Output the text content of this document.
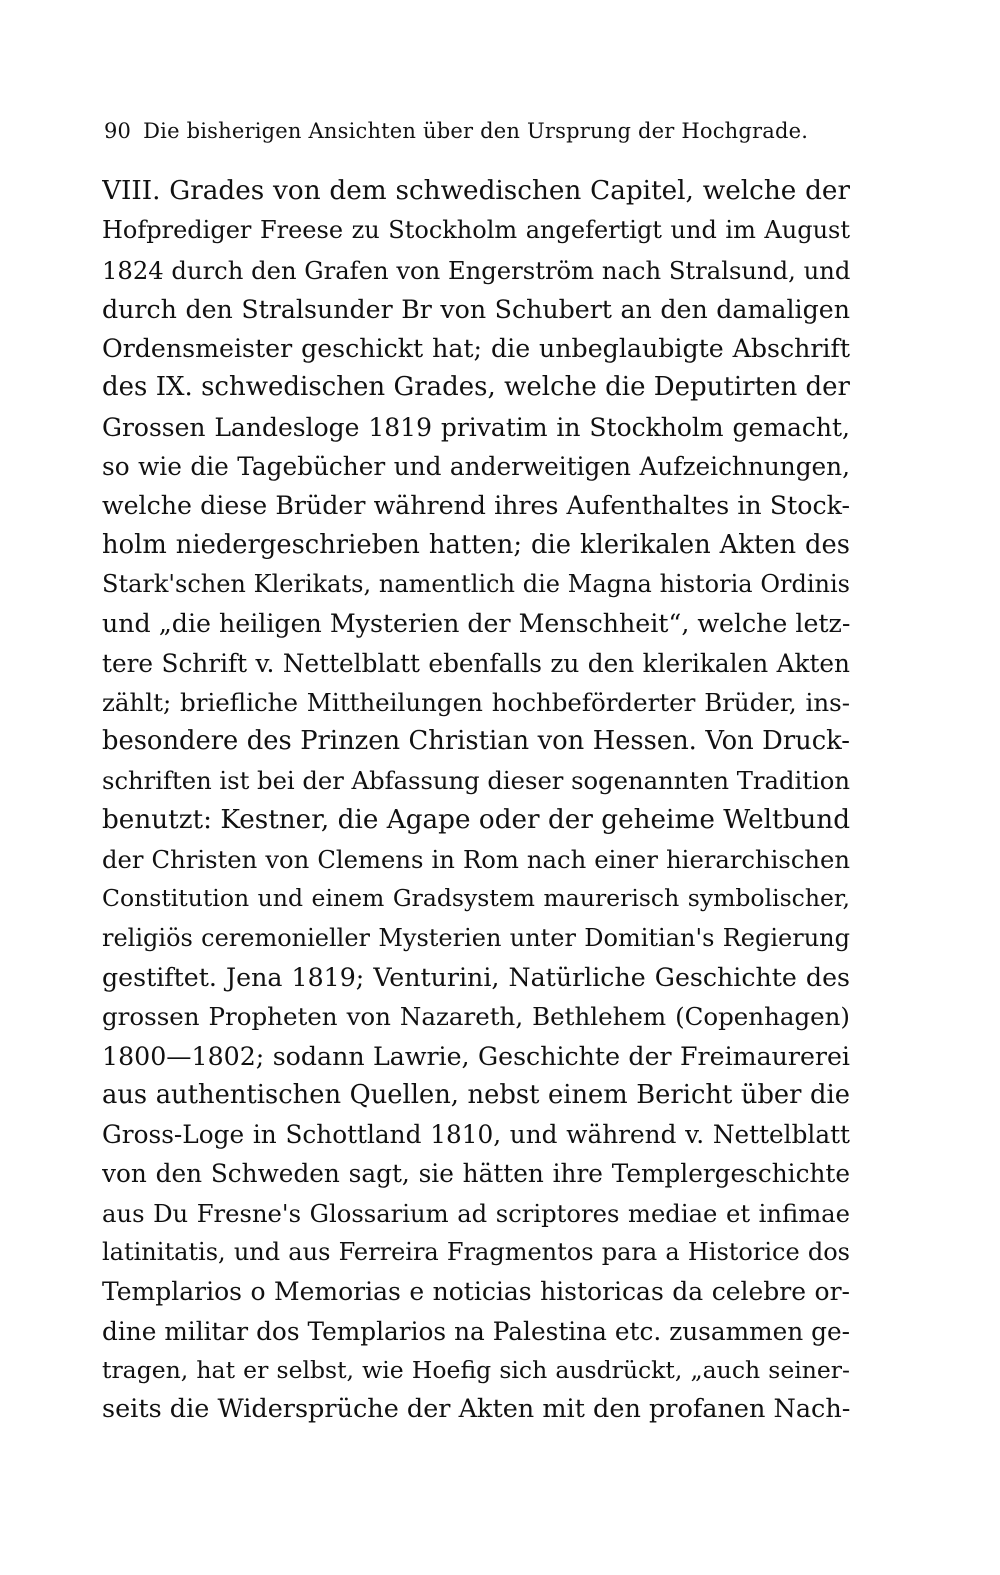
90 Die bisherigen Ansichten über den Ursprung der Hochgrade.
VIII. Grades von dem schwedischen Capitel, welche der
Hofprediger Freese zu Stockholm angefertigt und im August
1824 durch den Grafen von Engerström nach Stralsund, und
durch den Stralsunder Br von Schubert an den damaligen
Ordensmeister geschickt hat; die unbeglaubigte Abschrift
des IX. schwedischen Grades, welche die Deputirten der
Grossen Landesloge 1819 privatim in Stockholm gemacht,
so wie die Tagebücher und anderweitigen Aufzeichnungen,
welche diese Brüder während ihres Aufenthaltes in Stock-
holm niedergeschrieben hatten; die klerikalen Akten des
Stark'schen Klerikats, namentlich die Magna historia Ordinis
und „die heiligen Mysterien der Menschheit“, welche letz-
tere Schrift v. Nettelblatt ebenfalls zu den klerikalen Akten
zählt; briefliche Mittheilungen hochbeförderter Brüder, ins-
besondere des Prinzen Christian von Hessen. Von Druck-
schriften ist bei der Abfassung dieser sogenannten Tradition
benutzt: Kestner, die Agape oder der geheime Weltbund
der Christen von Clemens in Rom nach einer hierarchischen
Constitution und einem Gradsystem maurerisch symbolischer,
religiös ceremonieller Mysterien unter Domitian's Regierung
gestiftet. Jena 1819; Venturini, Natürliche Geschichte des
grossen Propheten von Nazareth, Bethlehem (Copenhagen)
1800—1802; sodann Lawrie, Geschichte der Freimaurerei
aus authentischen Quellen, nebst einem Bericht über die
Gross-Loge in Schottland 1810, und während v. Nettelblatt
von den Schweden sagt, sie hätten ihre Templergeschichte
aus Du Fresne's Glossarium ad scriptores mediae et infimae
latinitatis, und aus Ferreira Fragmentos para a Historice dos
Templarios o Memorias e noticias historicas da celebre or-
dine militar dos Templarios na Palestina etc. zusammen ge-
tragen, hat er selbst, wie Hoefig sich ausdrückt, „auch seiner-
seits die Widersprüche der Akten mit den profanen Nach-
